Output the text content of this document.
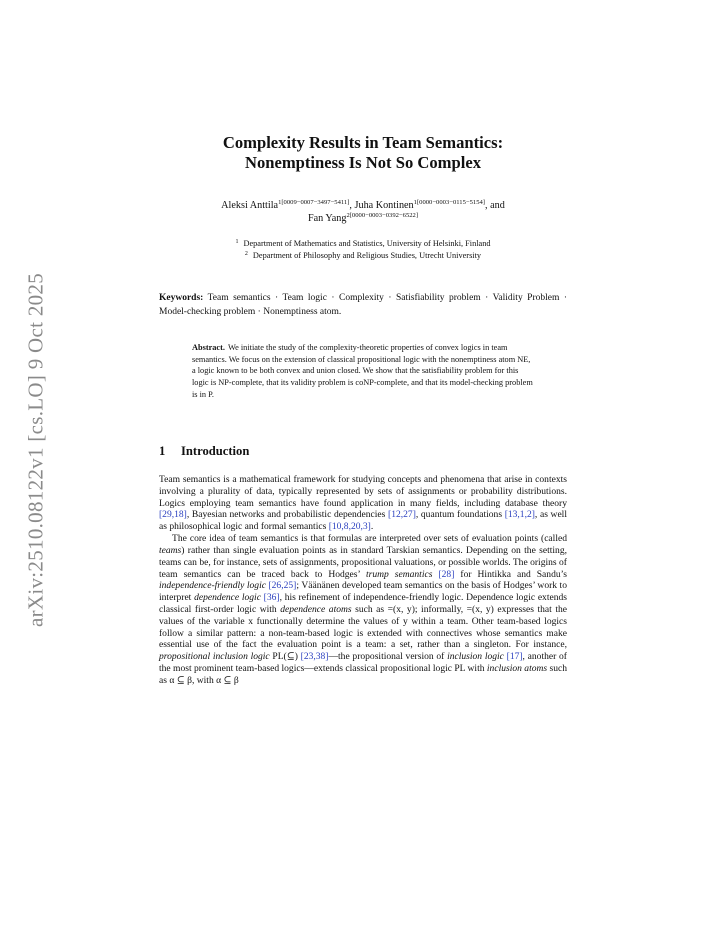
arXiv:2510.08122v1 [cs.LO] 9 Oct 2025
Complexity Results in Team Semantics:
Nonemptiness Is Not So Complex
Aleksi Anttila$^{1[0009-0007-3497-5411]}$, Juha Kontinen$^{1[0000-0003-0115-5154]}$, and
Fan Yang$^{2[0000-0003-0392-6522]}$
$^1$ Department of Mathematics and Statistics, University of Helsinki, Finland
$^2$ Department of Philosophy and Religious Studies, Utrecht University
Keywords: Team semantics · Team logic · Complexity · Satisfiability problem · Validity Problem · Model-checking problem · Nonemptiness atom.
Abstract. We initiate the study of the complexity-theoretic properties of convex logics in team semantics. We focus on the extension of classical propositional logic with the nonemptiness atom NE, a logic known to be both convex and union closed. We show that the satisfiability problem for this logic is NP-complete, that its validity problem is coNP-complete, and that its model-checking problem is in P.
1 Introduction

Team semantics is a mathematical framework for studying concepts and phenomena that arise in contexts involving a plurality of data, typically represented by sets of assignments or probability distributions. Logics employing team semantics have found application in many fields, including database theory [29,18], Bayesian networks and probabilistic dependencies [12,27], quantum foundations [13,1,2], as well as philosophical logic and formal semantics [10,8,20,3].

The core idea of team semantics is that formulas are interpreted over sets of evaluation points (called teams) rather than single evaluation points as in standard Tarskian semantics. Depending on the setting, teams can be, for instance, sets of assignments, propositional valuations, or possible worlds. The origins of team semantics can be traced back to Hodges’ trump semantics [28] for Hintikka and Sandu’s independence-friendly logic [26,25]; Väänänen developed team semantics on the basis of Hodges’ work to interpret dependence logic [36], his refinement of independence-friendly logic. Dependence logic extends classical first-order logic with dependence atoms such as =(x, y); informally, =(x, y) expresses that the values of the variable x functionally determine the values of y within a team. Other team-based logics follow a similar pattern: a non-team-based logic is extended with connectives whose semantics make essential use of the fact the evaluation point is a team: a set, rather than a singleton. For instance, propositional inclusion logic PL(⊆) [23,38]—the propositional version of inclusion logic [17], another of the most prominent team-based logics—extends classical propositional logic PL with inclusion atoms such as α ⊆ β, with α ⊆ β
